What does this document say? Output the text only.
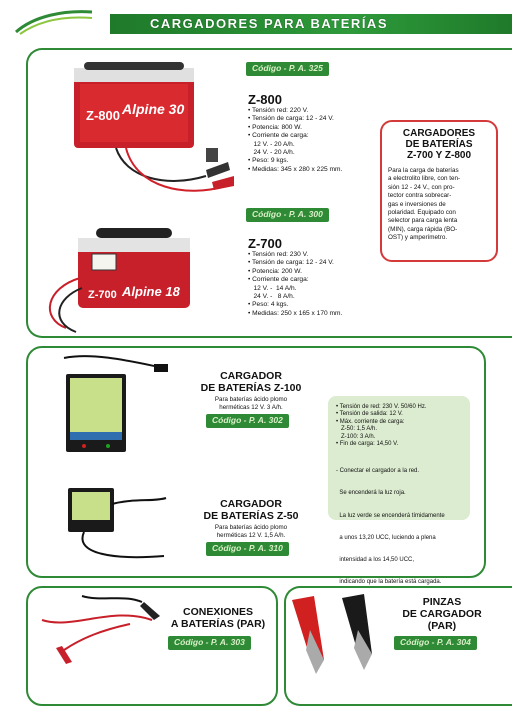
CARGADORES PARA BATERÍAS
Z-800 Alpine 30
Z-700 Alpine 18
Código - P. A. 325
Z-800
• Tensión red: 220 V.
• Tensión de carga: 12 - 24 V.
• Potencia: 800 W.
• Corriente de carga:
12 V. - 20 A/h.
24 V. - 20 A/h.
• Peso: 9 kgs.
• Medidas: 345 x 280 x 225 mm.
Código - P. A. 300
Z-700
• Tensión red: 230 V.
• Tensión de carga: 12 - 24 V.
• Potencia: 200 W.
• Corriente de carga:
12 V. -  14 A/h.
24 V. -   8 A/h.
• Peso: 4 kgs.
• Medidas: 250 x 165 x 170 mm.
CARGADORES
DE BATERÍAS
Z-700 Y Z-800
Para la carga de baterías
a electrolito libre, con ten-
sión 12 - 24 V., con pro-
tector contra sobrecar-
gas e inversiones de
polaridad. Equipado con
selector para carga lenta
(MIN), carga rápida (BO-
OST) y amperímetro.
CARGADOR
DE BATERÍAS Z-100
Para baterías ácido plomo
herméticas 12 V. 3 A/h.
Código - P. A. 302
CARGADOR
DE BATERÍAS Z-50
Para baterías ácido plomo
herméticas 12 V. 1,5 A/h.
Código - P. A. 310
• Tensión de red: 230 V. 50/60 Hz.
• Tensión de salida: 12 V.
• Máx. corriente de carga:
Z-50: 1,5 A/h.
Z-100: 3 A/h.
• Fin de carga: 14,50 V.

- Conectar el cargador a la red.

Se encenderá la luz roja.

La luz verde se encenderá tímidamente

a unos 13,20 UCC, luciendo a plena

intensidad a los 14,50 UCC,

indicando que la batería está cargada.

CONEXIONES
A BATERÍAS (PAR)
Código - P. A. 303
PINZAS
DE CARGADOR
(PAR)
Código - P. A. 304
